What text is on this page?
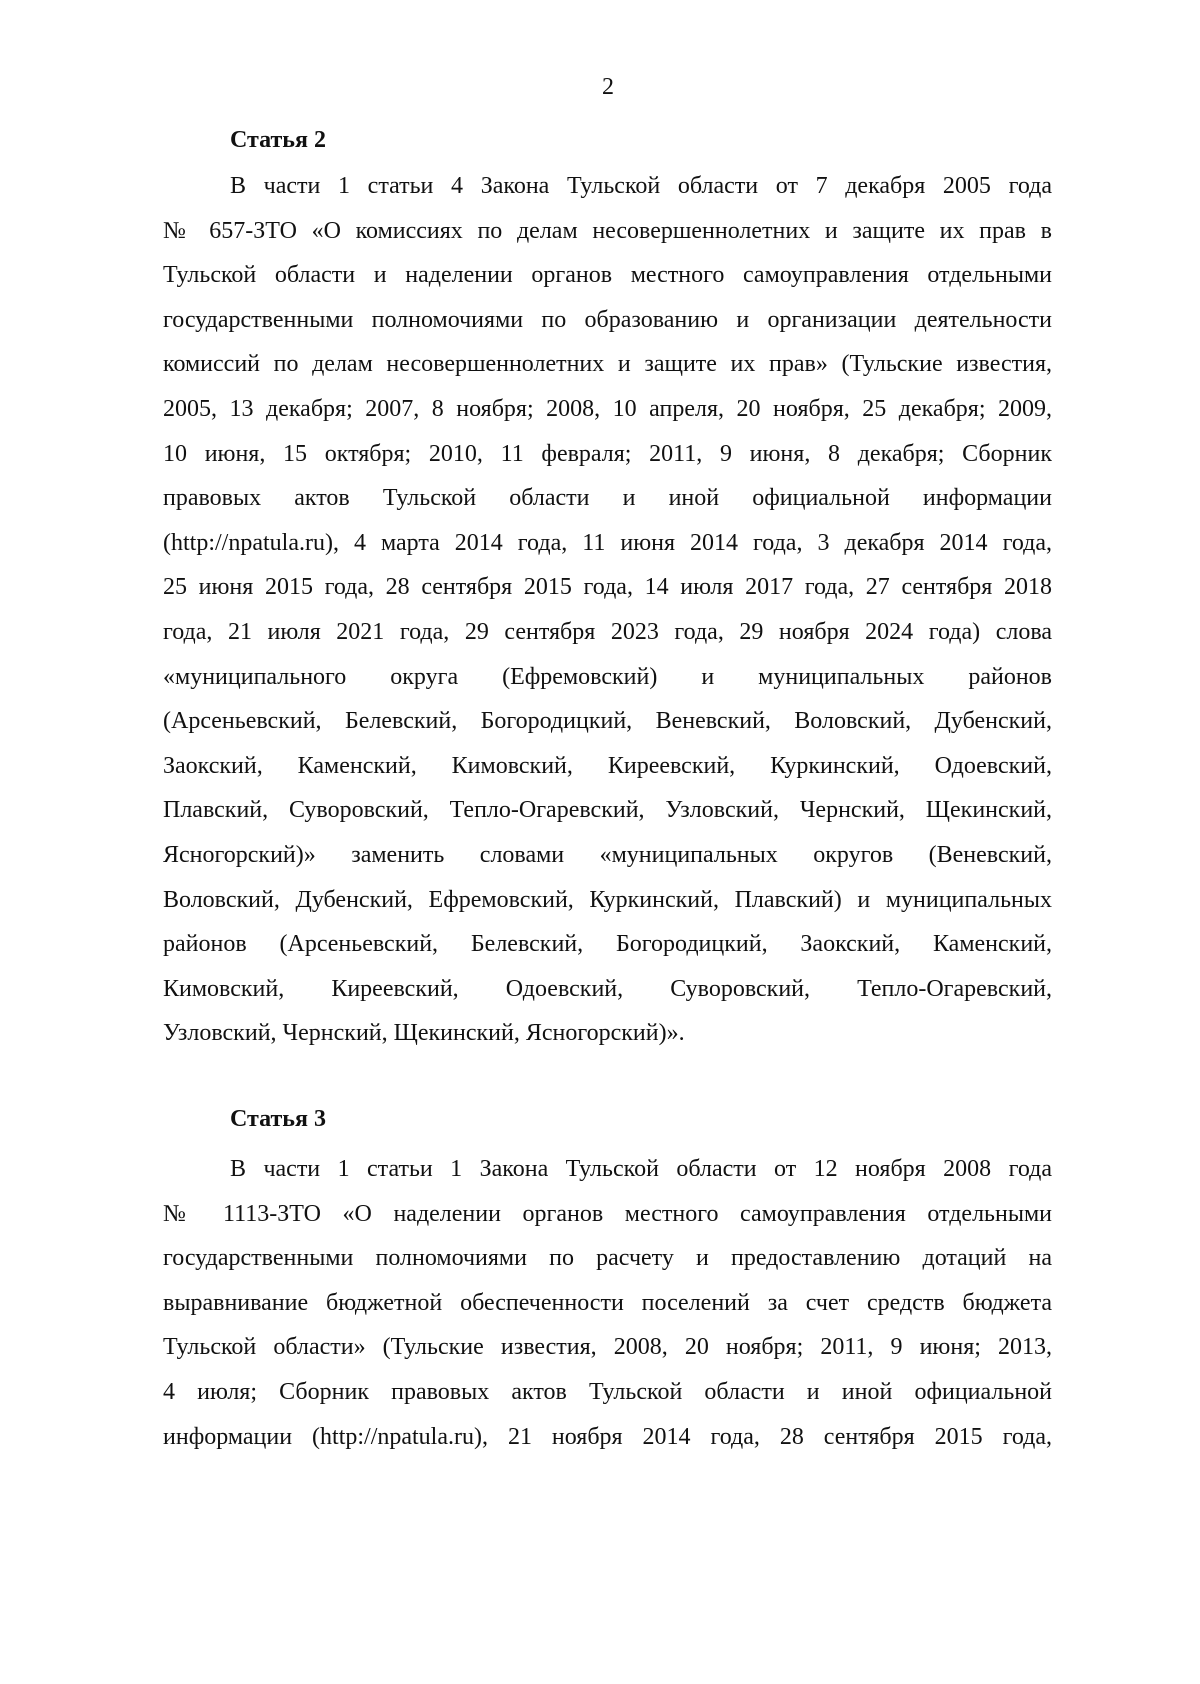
2
Статья 2
В части 1 статьи 4 Закона Тульской области от 7 декабря 2005 года
№ 657-ЗТО «О комиссиях по делам несовершеннолетних и защите их прав в
Тульской области и наделении органов местного самоуправления отдельными
государственными полномочиями по образованию и организации деятельности
комиссий по делам несовершеннолетних и защите их прав» (Тульские известия,
2005, 13 декабря; 2007, 8 ноября; 2008, 10 апреля, 20 ноября, 25 декабря; 2009,
10 июня, 15 октября; 2010, 11 февраля; 2011, 9 июня, 8 декабря; Сборник
правовых актов Тульской области и иной официальной информации
(http://npatula.ru), 4 марта 2014 года, 11 июня 2014 года, 3 декабря 2014 года,
25 июня 2015 года, 28 сентября 2015 года, 14 июля 2017 года, 27 сентября 2018
года, 21 июля 2021 года, 29 сентября 2023 года, 29 ноября 2024 года) слова
«муниципального округа (Ефремовский) и муниципальных районов
(Арсеньевский, Белевский, Богородицкий, Веневский, Воловский, Дубенский,
Заокский, Каменский, Кимовский, Киреевский, Куркинский, Одоевский,
Плавский, Суворовский, Тепло-Огаревский, Узловский, Чернский, Щекинский,
Ясногорский)» заменить словами «муниципальных округов (Веневский,
Воловский, Дубенский, Ефремовский, Куркинский, Плавский) и муниципальных
районов (Арсеньевский, Белевский, Богородицкий, Заокский, Каменский,
Кимовский, Киреевский, Одоевский, Суворовский, Тепло-Огаревский,
Узловский, Чернский, Щекинский, Ясногорский)».
Статья 3
В части 1 статьи 1 Закона Тульской области от 12 ноября 2008 года
№ 1113-ЗТО «О наделении органов местного самоуправления отдельными
государственными полномочиями по расчету и предоставлению дотаций на
выравнивание бюджетной обеспеченности поселений за счет средств бюджета
Тульской области» (Тульские известия, 2008, 20 ноября; 2011, 9 июня; 2013,
4 июля; Сборник правовых актов Тульской области и иной официальной
информации (http://npatula.ru), 21 ноября 2014 года, 28 сентября 2015 года,
